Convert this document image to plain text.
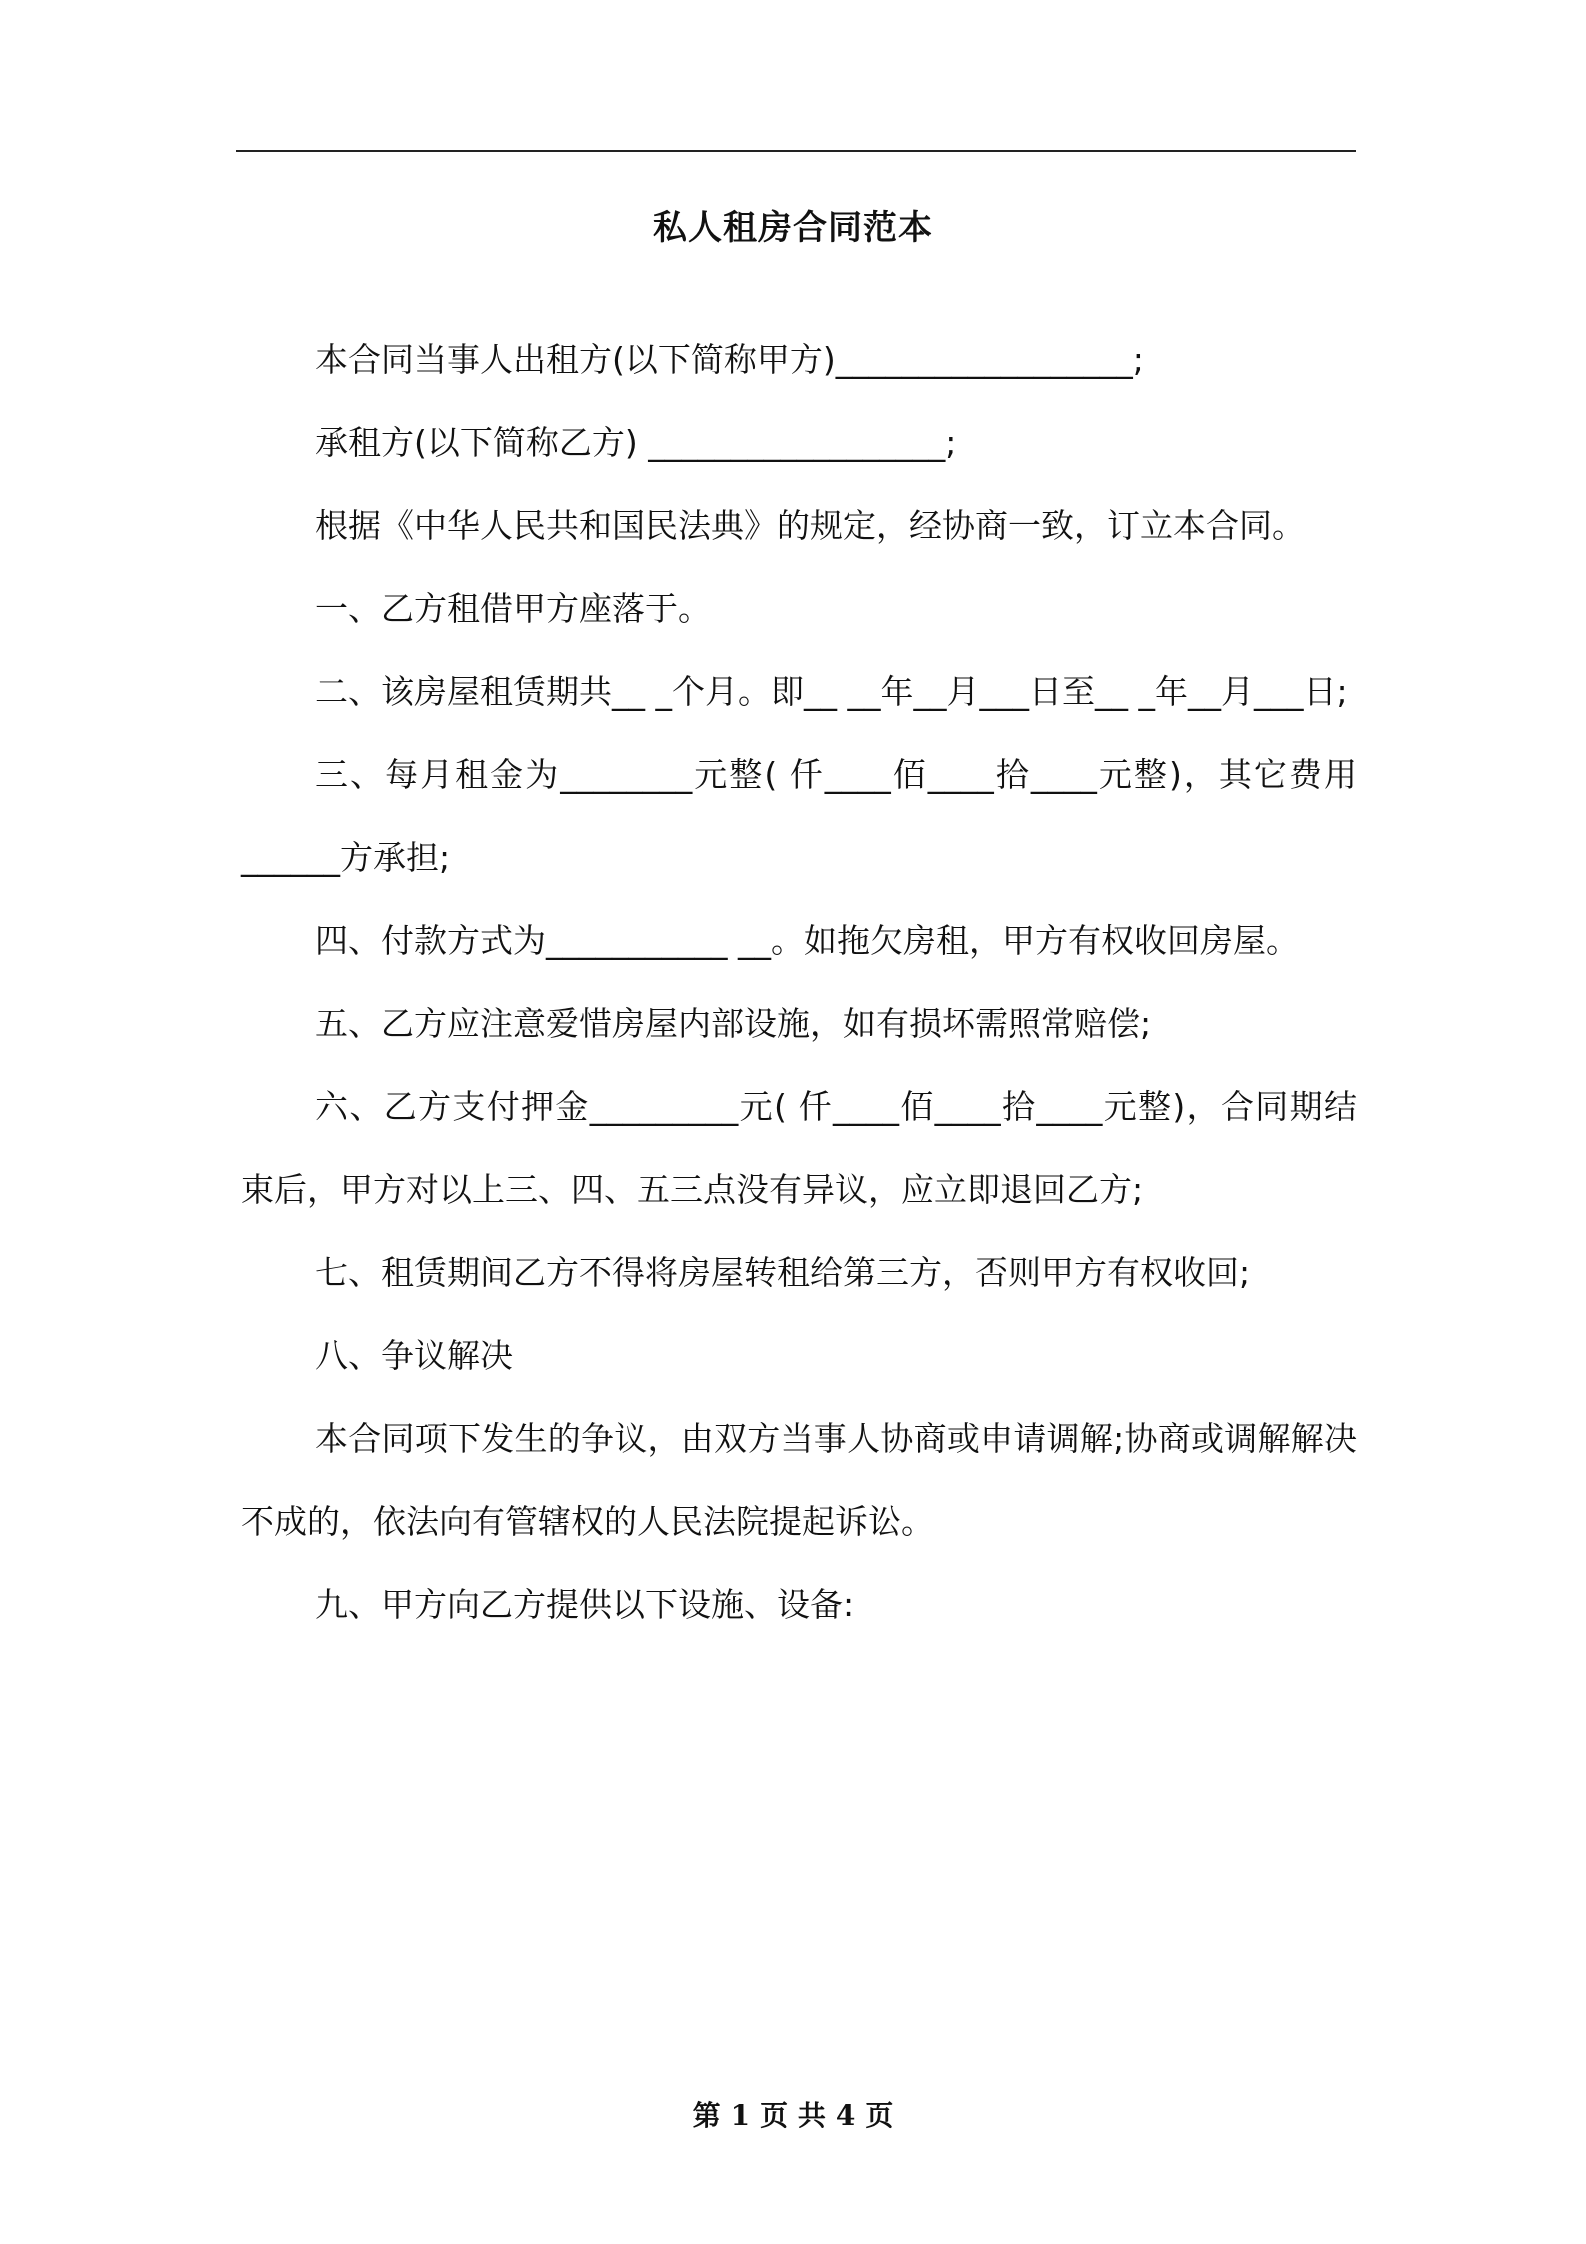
私人租房合同范本

本合同当事人出租方(以下简称甲方)__________________;

承租方(以下简称乙方) __________________;

根据《中华人民共和国民法典》的规定，经协商一致，订立本合同。

一、乙方租借甲方座落于。

二、该房屋租赁期共__ _个月。即__ __年__月___日至__ _年__月___日;

三、每月租金为________元整( 仟____佰____拾____元整)，其它费用______方承担;

四、付款方式为___________ __。如拖欠房租，甲方有权收回房屋。

五、乙方应注意爱惜房屋内部设施，如有损坏需照常赔偿;

六、乙方支付押金_________元( 仟____佰____拾____元整)，合同期结束后，甲方对以上三、四、五三点没有异议，应立即退回乙方;

七、租赁期间乙方不得将房屋转租给第三方，否则甲方有权收回;

八、争议解决

本合同项下发生的争议，由双方当事人协商或申请调解;协商或调解解决不成的，依法向有管辖权的人民法院提起诉讼。

九、甲方向乙方提供以下设施、设备:

第 1 页 共 4 页
